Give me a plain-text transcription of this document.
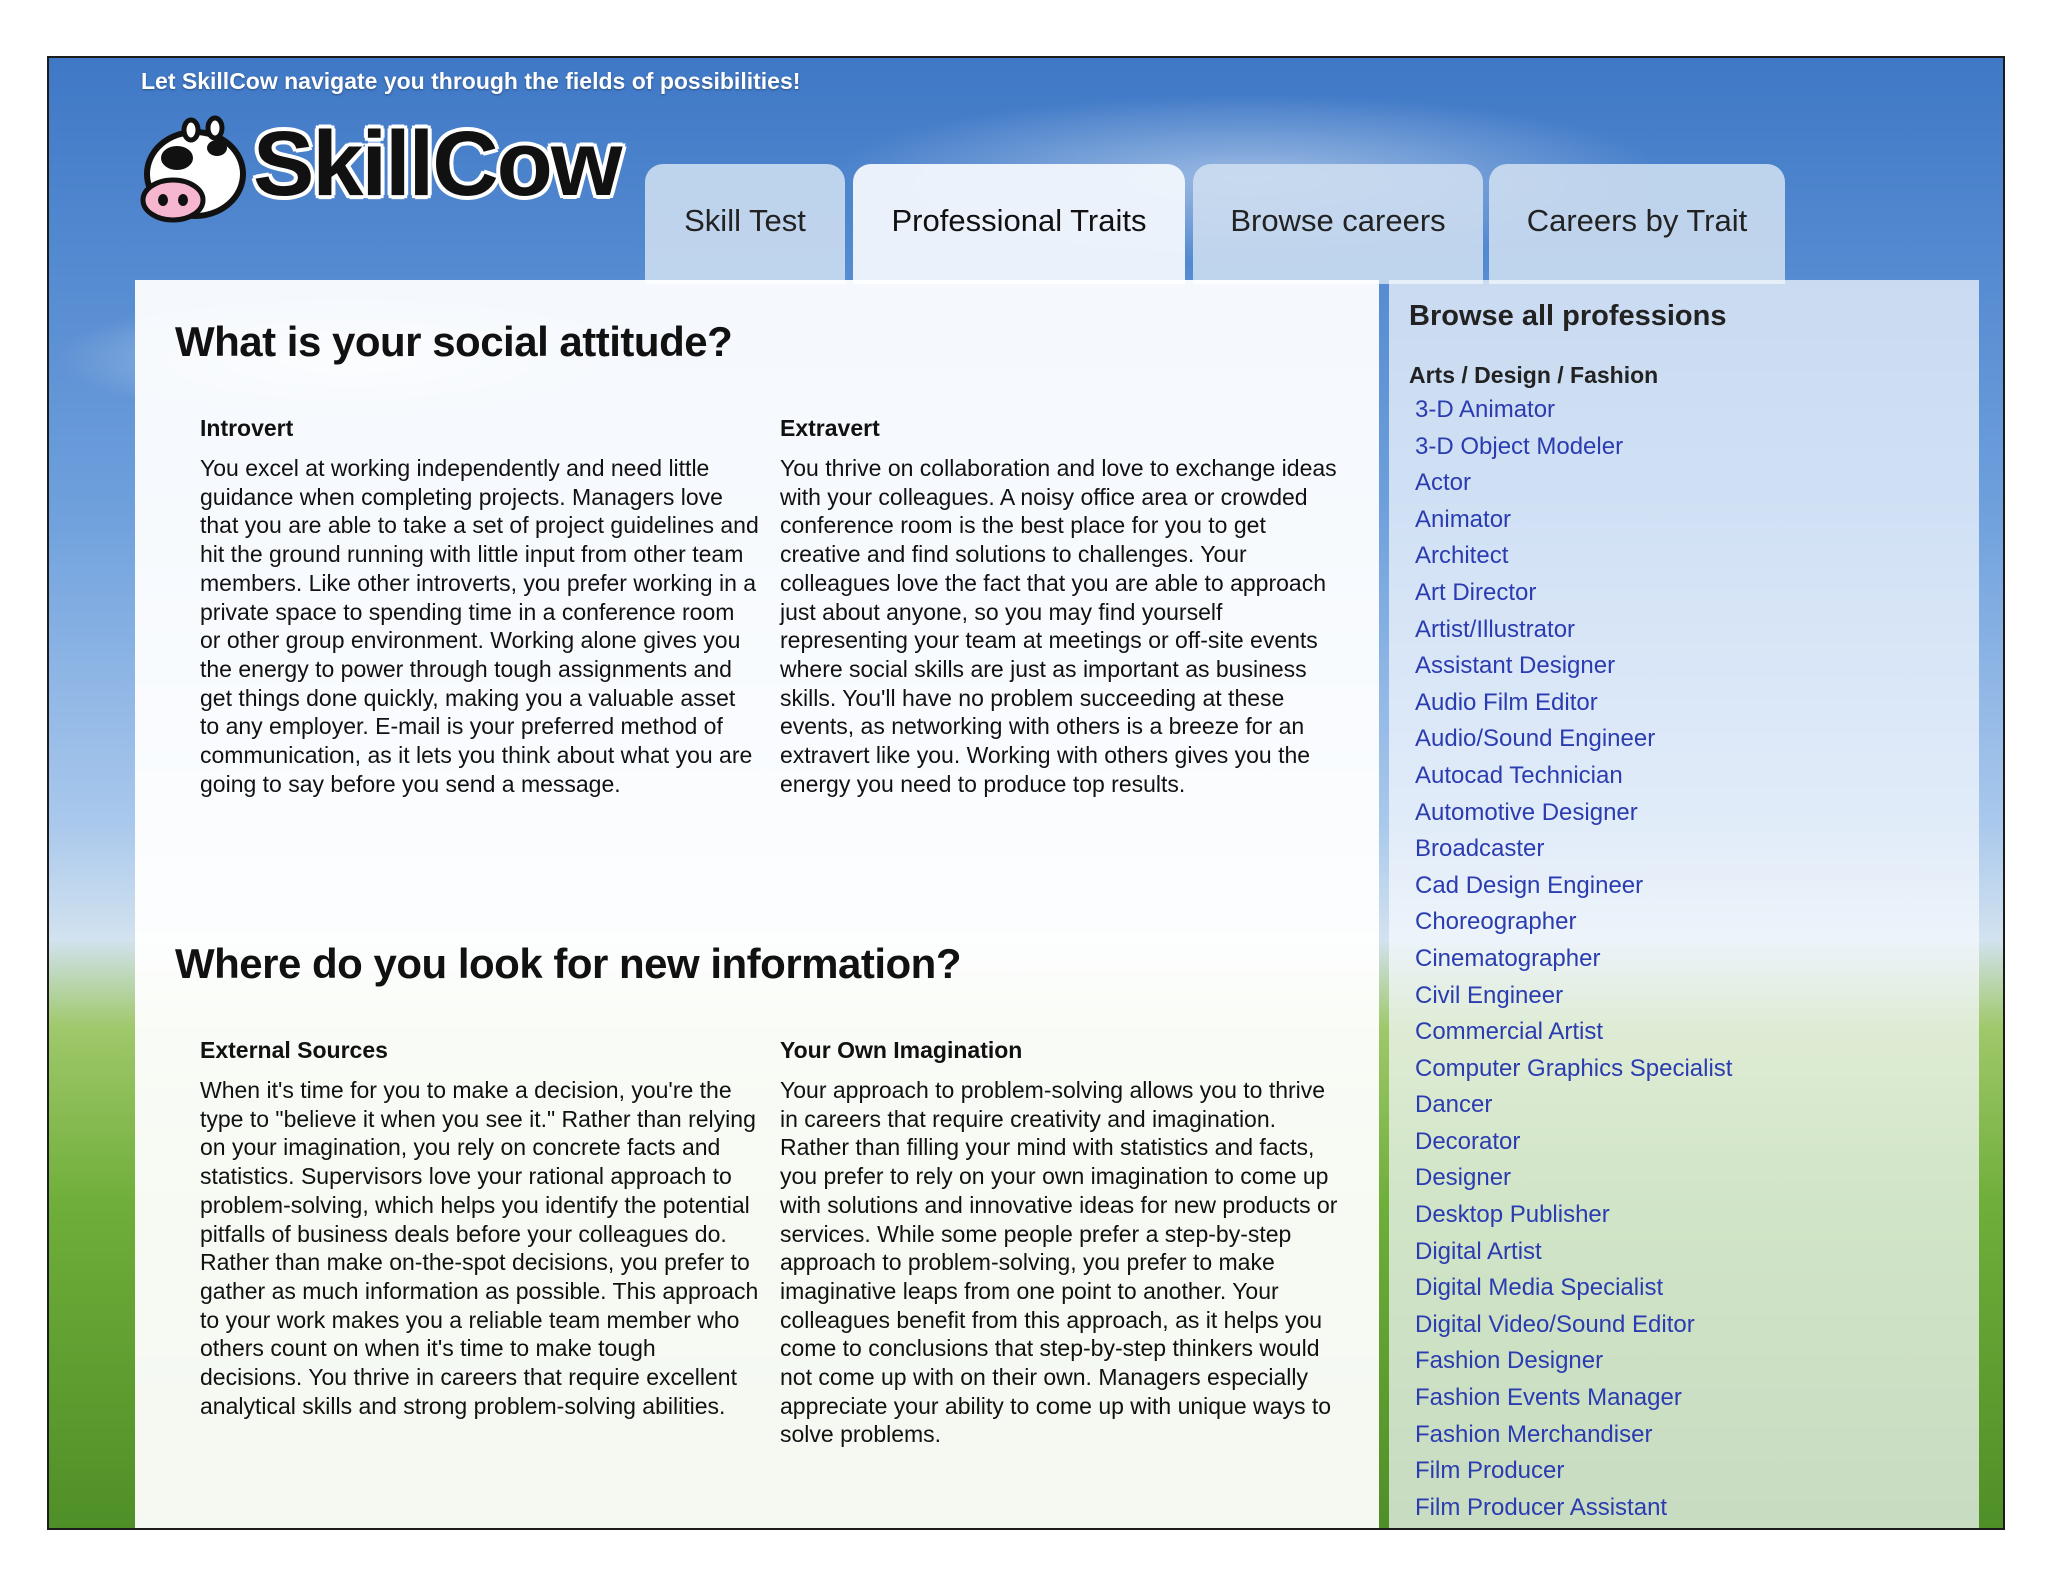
Let SkillCow navigate you through the fields of possibilities!
SkillCow
Skill Test	Professional Traits	Browse careers	Careers by Trait
What is your social attitude?
Introvert

You excel at working independently and need little guidance when completing projects. Managers love that you are able to take a set of project guidelines and hit the ground running with little input from other team members. Like other introverts, you prefer working in a private space to spending time in a conference room or other group environment. Working alone gives you the energy to power through tough assignments and get things done quickly, making you a valuable asset to any employer. E-mail is your preferred method of communication, as it lets you think about what you are going to say before you send a message.

Extravert

You thrive on collaboration and love to exchange ideas with your colleagues. A noisy office area or crowded conference room is the best place for you to get creative and find solutions to challenges. Your colleagues love the fact that you are able to approach just about anyone, so you may find yourself representing your team at meetings or off-site events where social skills are just as important as business skills. You'll have no problem succeeding at these events, as networking with others is a breeze for an extravert like you. Working with others gives you the energy you need to produce top results.

Where do you look for new information?
External Sources

When it's time for you to make a decision, you're the type to "believe it when you see it." Rather than relying on your imagination, you rely on concrete facts and statistics. Supervisors love your rational approach to problem-solving, which helps you identify the potential pitfalls of business deals before your colleagues do. Rather than make on-the-spot decisions, you prefer to gather as much information as possible. This approach to your work makes you a reliable team member who others count on when it's time to make tough decisions. You thrive in careers that require excellent analytical skills and strong problem-solving abilities.

Your Own Imagination

Your approach to problem-solving allows you to thrive in careers that require creativity and imagination. Rather than filling your mind with statistics and facts, you prefer to rely on your own imagination to come up with solutions and innovative ideas for new products or services. While some people prefer a step-by-step approach to problem-solving, you prefer to make imaginative leaps from one point to another. Your colleagues benefit from this approach, as it helps you come to conclusions that step-by-step thinkers would not come up with on their own. Managers especially appreciate your ability to come up with unique ways to solve problems.

Browse all professions
Arts / Design / Fashion
3-D Animator
3-D Object Modeler
Actor
Animator
Architect
Art Director
Artist/Illustrator
Assistant Designer
Audio Film Editor
Audio/Sound Engineer
Autocad Technician
Automotive Designer
Broadcaster
Cad Design Engineer
Choreographer
Cinematographer
Civil Engineer
Commercial Artist
Computer Graphics Specialist
Dancer
Decorator
Designer
Desktop Publisher
Digital Artist
Digital Media Specialist
Digital Video/Sound Editor
Fashion Designer
Fashion Events Manager
Fashion Merchandiser
Film Producer
Film Producer Assistant
